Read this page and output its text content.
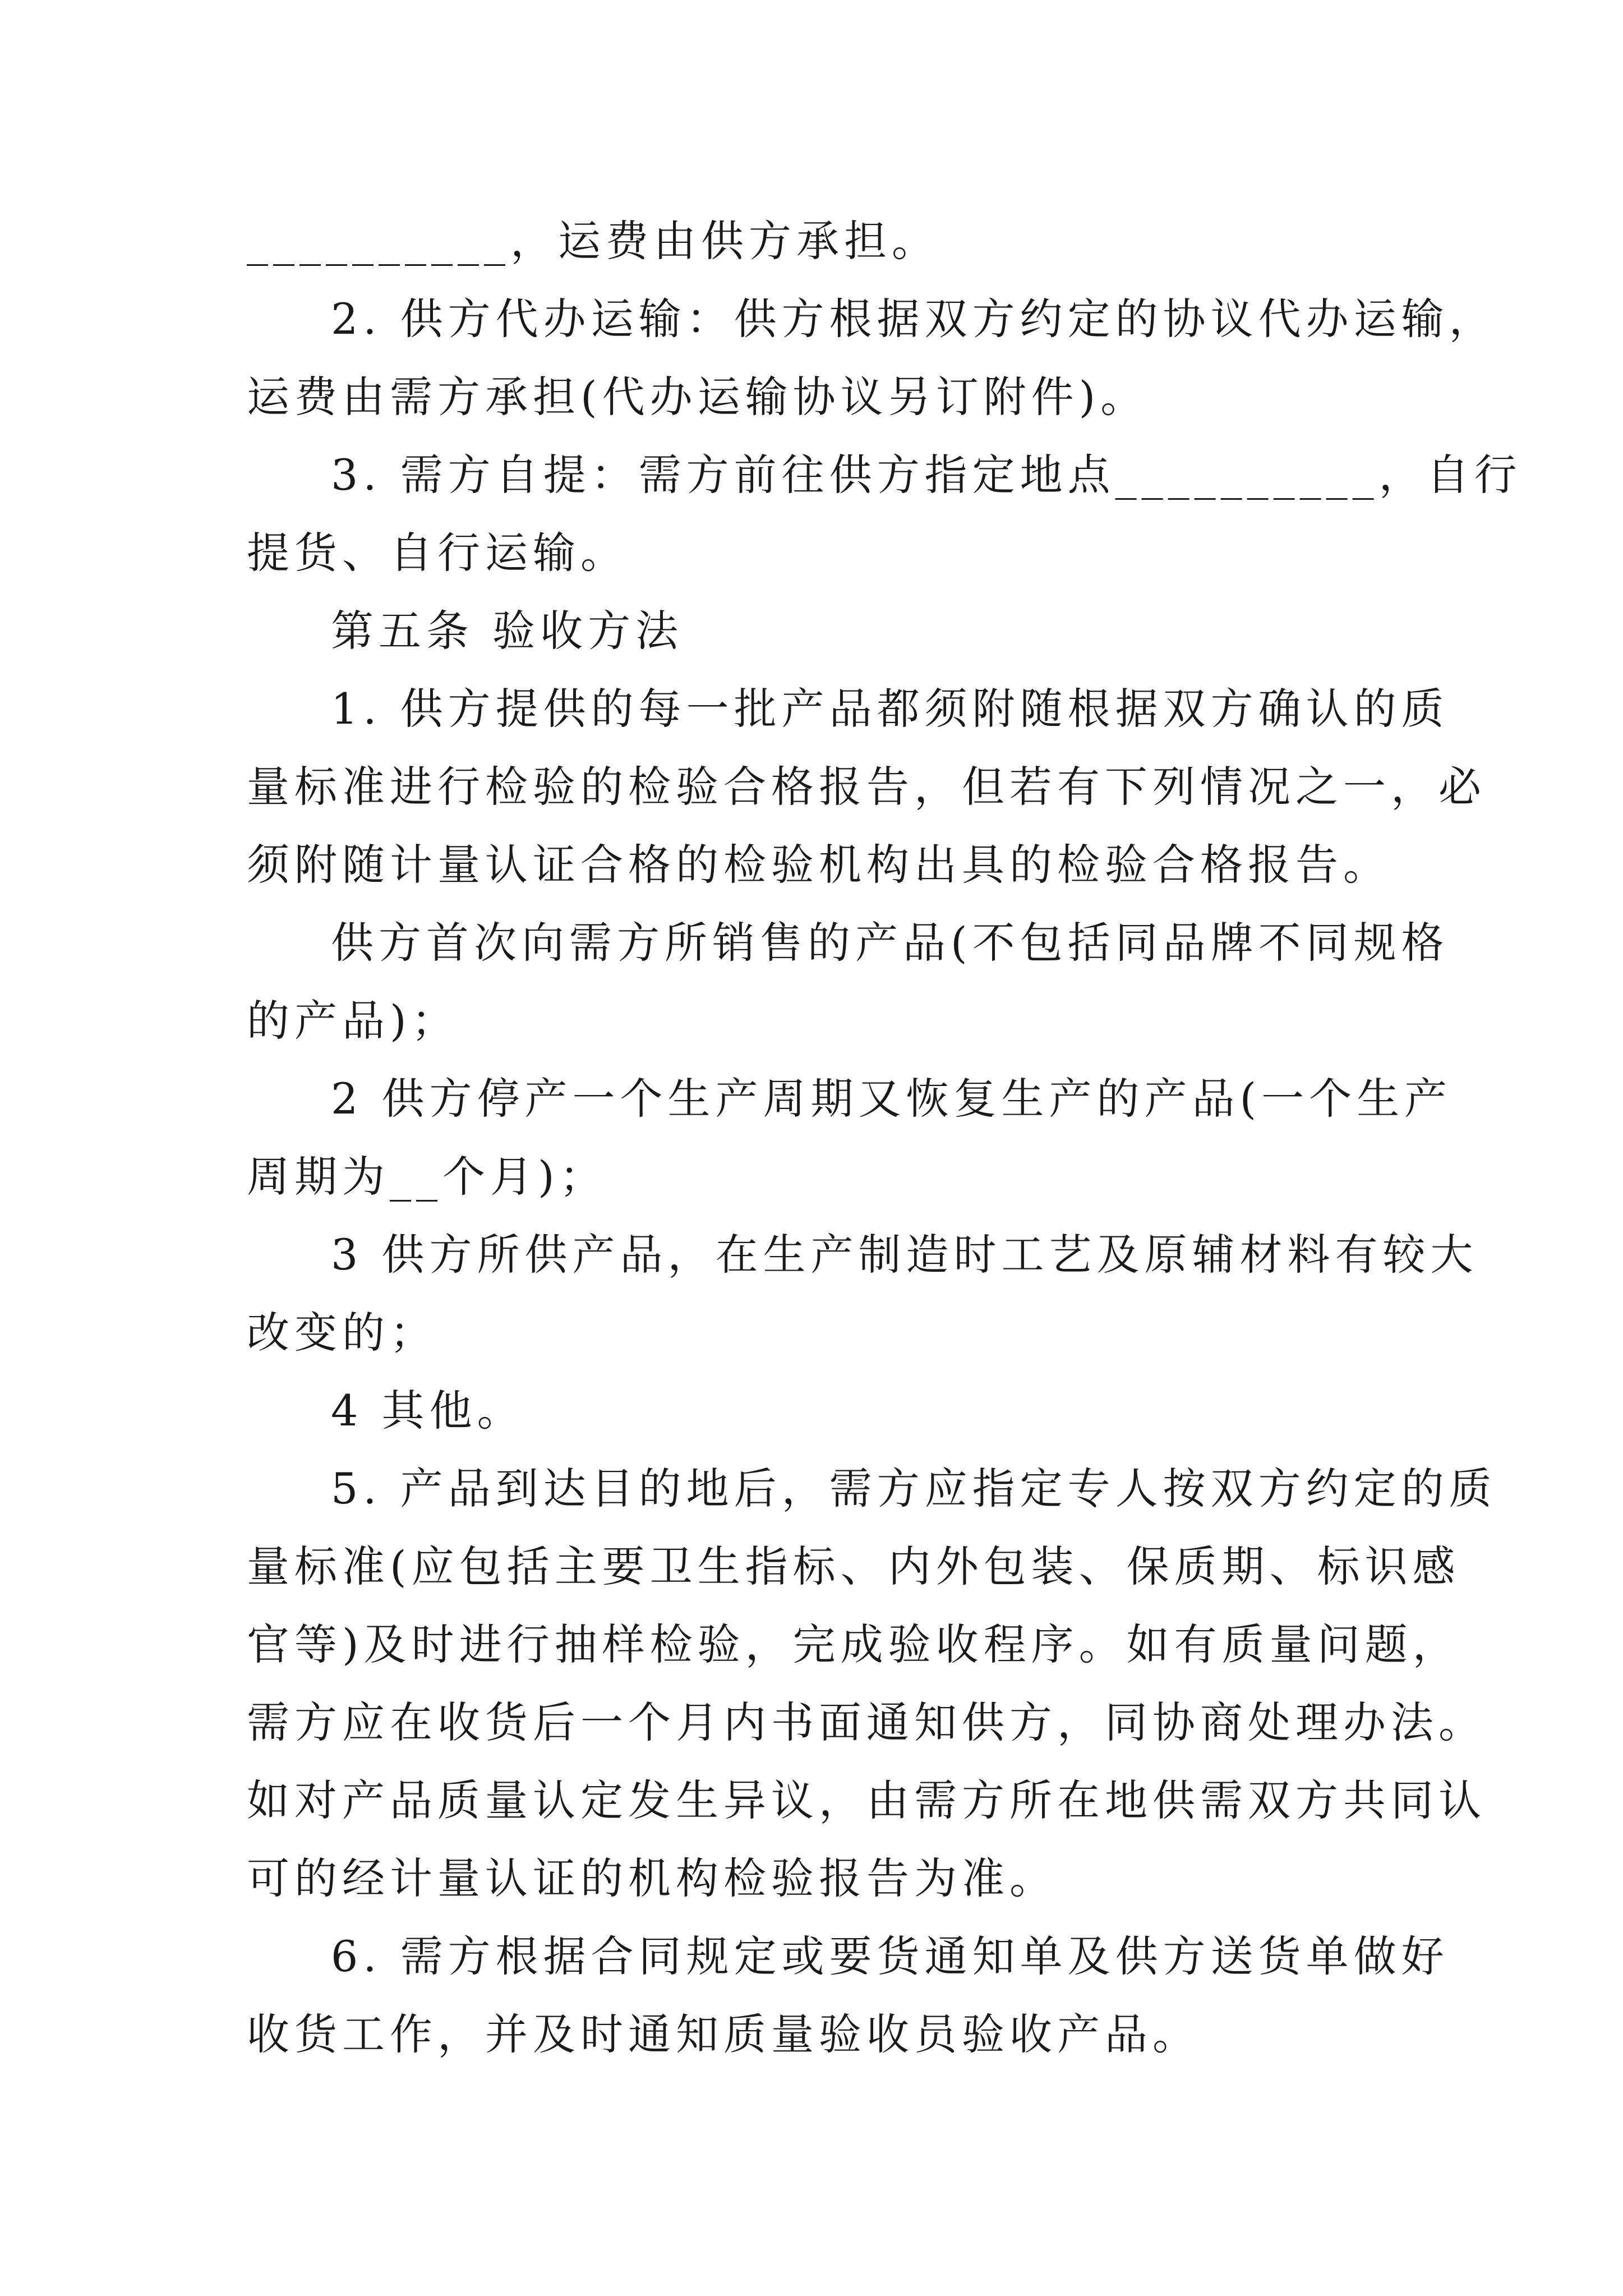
__________，运费由供方承担。
2. 供方代办运输：供方根据双方约定的协议代办运输，
运费由需方承担(代办运输协议另订附件)。
3. 需方自提：需方前往供方指定地点__________，自行
提货、自行运输。
第五条 验收方法
1. 供方提供的每一批产品都须附随根据双方确认的质
量标准进行检验的检验合格报告，但若有下列情况之一，必
须附随计量认证合格的检验机构出具的检验合格报告。
供方首次向需方所销售的产品(不包括同品牌不同规格
的产品)；
2 供方停产一个生产周期又恢复生产的产品(一个生产
周期为__个月)；
3 供方所供产品，在生产制造时工艺及原辅材料有较大
改变的；
4 其他。
5. 产品到达目的地后，需方应指定专人按双方约定的质
量标准(应包括主要卫生指标、内外包装、保质期、标识感
官等)及时进行抽样检验，完成验收程序。如有质量问题，
需方应在收货后一个月内书面通知供方，同协商处理办法。
如对产品质量认定发生异议，由需方所在地供需双方共同认
可的经计量认证的机构检验报告为准。
6. 需方根据合同规定或要货通知单及供方送货单做好
收货工作，并及时通知质量验收员验收产品。
